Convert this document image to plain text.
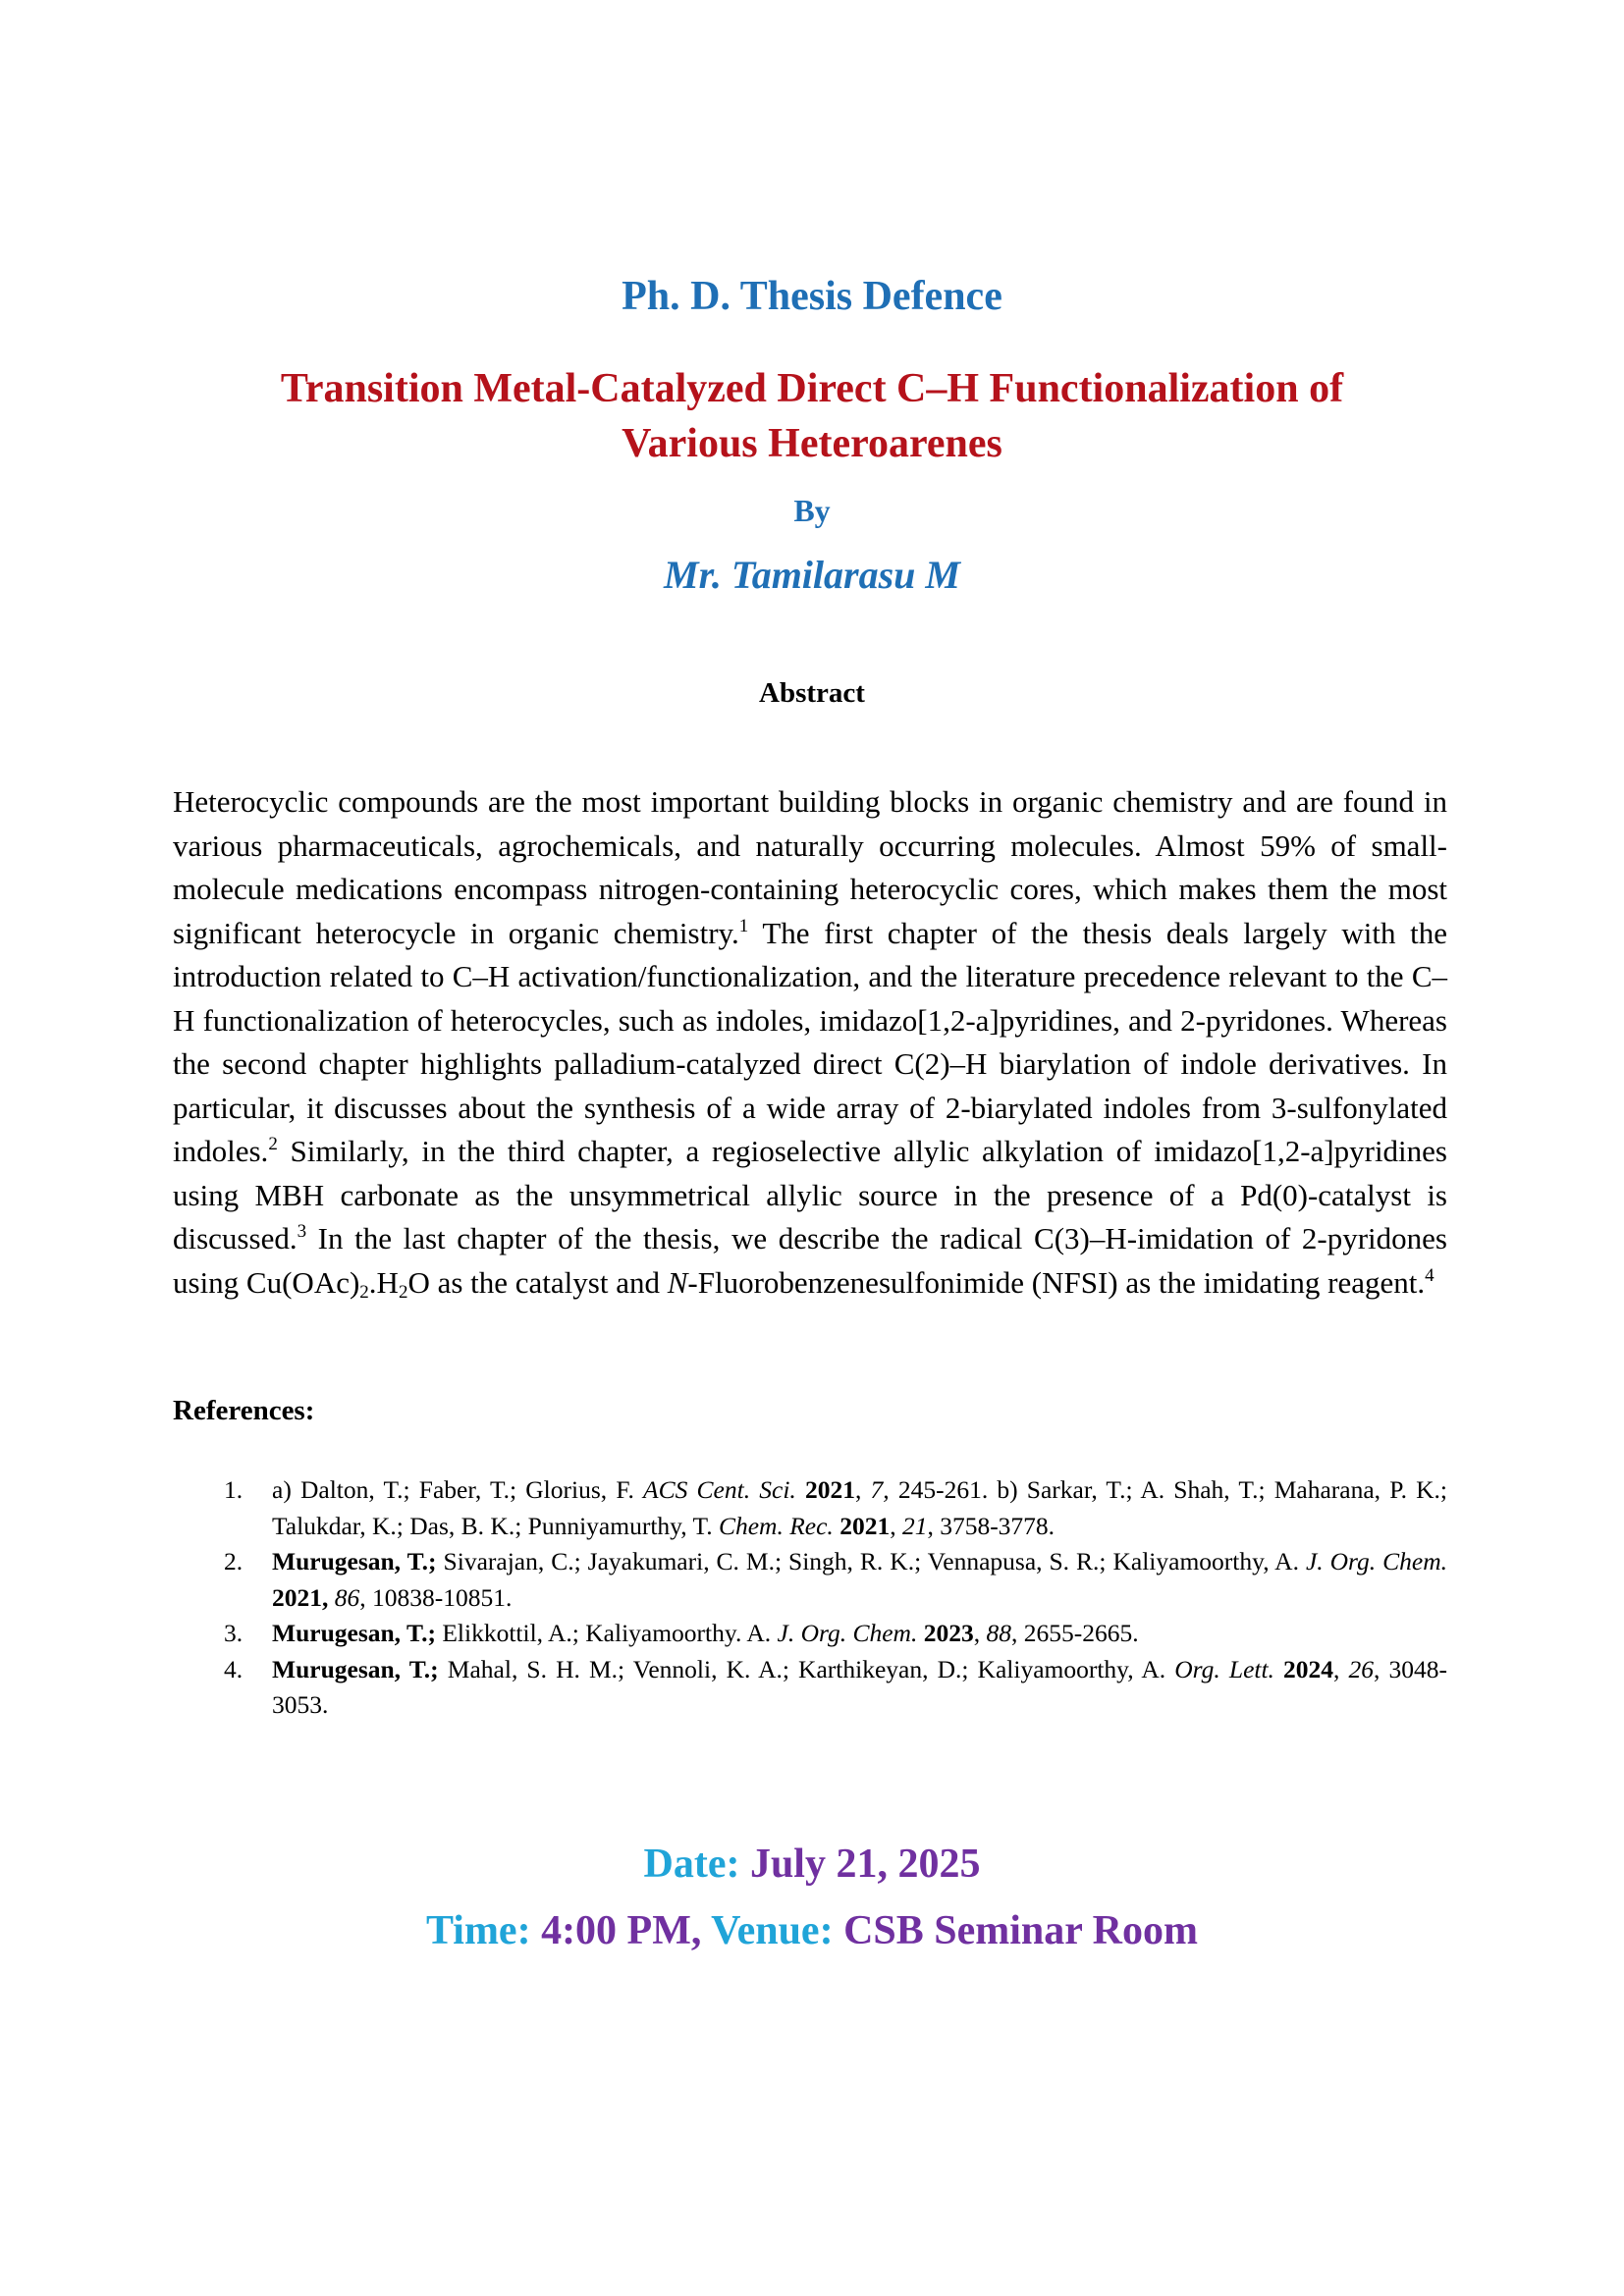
Ph. D. Thesis Defence
Transition Metal-Catalyzed Direct C–H Functionalization of
Various Heteroarenes
By
Mr. Tamilarasu M
Abstract
Heterocyclic compounds are the most important building blocks in organic chemistry and are found in various pharmaceuticals, agrochemicals, and naturally occurring molecules. Almost 59% of small-molecule medications encompass nitrogen-containing heterocyclic cores, which makes them the most significant heterocycle in organic chemistry.$^1$ The first chapter of the thesis deals largely with the introduction related to C–H activation/functionalization, and the literature precedence relevant to the C–H functionalization of heterocycles, such as indoles, imidazo[1,2-a]pyridines, and 2-pyridones. Whereas the second chapter highlights palladium-catalyzed direct C(2)–H biarylation of indole derivatives. In particular, it discusses about the synthesis of a wide array of 2-biarylated indoles from 3-sulfonylated indoles.$^2$ Similarly, in the third chapter, a regioselective allylic alkylation of imidazo[1,2-a]pyridines using MBH carbonate as the unsymmetrical allylic source in the presence of a Pd(0)-catalyst is discussed.$^3$ In the last chapter of the thesis, we describe the radical C(3)–H-imidation of 2-pyridones using $Cu(OAc)_2.H_2O$ as the catalyst and N-Fluorobenzenesulfonimide (NFSI) as the imidating reagent.$^4$
References:
1. a) Dalton, T.; Faber, T.; Glorius, F. ACS Cent. Sci. 2021, 7, 245-261. b) Sarkar, T.; A. Shah, T.; Maharana, P. K.; Talukdar, K.; Das, B. K.; Punniyamurthy, T. Chem. Rec. 2021, 21, 3758-3778.
2. Murugesan, T.; Sivarajan, C.; Jayakumari, C. M.; Singh, R. K.; Vennapusa, S. R.; Kaliyamoorthy, A. J. Org. Chem. 2021, 86, 10838-10851.
3. Murugesan, T.; Elikkottil, A.; Kaliyamoorthy. A. J. Org. Chem. 2023, 88, 2655-2665.
4. Murugesan, T.; Mahal, S. H. M.; Vennoli, K. A.; Karthikeyan, D.; Kaliyamoorthy, A. Org. Lett. 2024, 26, 3048-3053.
Date: July 21, 2025
Time: 4:00 PM, Venue: CSB Seminar Room
